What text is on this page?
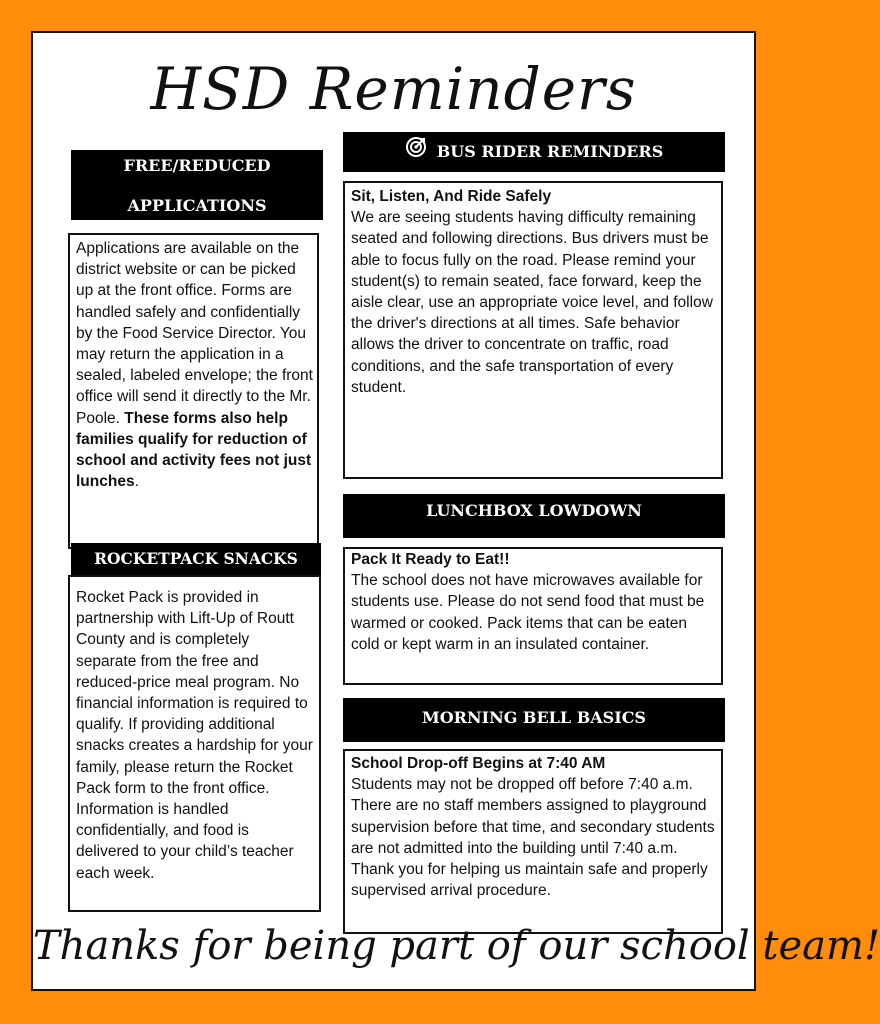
HSD Reminders
FREE/REDUCED
APPLICATIONS
Applications are available on the district website or can be picked up at the front office. Forms are handled safely and confidentially by the Food Service Director. You may return the application in a sealed, labeled envelope; the front office will send it directly to the Mr. Poole. These forms also help families qualify for reduction of school and activity fees not just lunches.
ROCKETPACK SNACKS
Rocket Pack is provided in partnership with Lift-Up of Routt County and is completely separate from the free and reduced-price meal program. No financial information is required to qualify. If providing additional snacks creates a hardship for your family, please return the Rocket Pack form to the front office. Information is handled confidentially, and food is delivered to your child’s teacher each week.
BUS RIDER REMINDERS
Sit, Listen, And Ride Safely
We are seeing students having difficulty remaining seated and following directions. Bus drivers must be able to focus fully on the road. Please remind your student(s) to remain seated, face forward, keep the aisle clear, use an appropriate voice level, and follow the driver's directions at all times. Safe behavior allows the driver to concentrate on traffic, road conditions, and the safe transportation of every student.
LUNCHBOX LOWDOWN
Pack It Ready to Eat!!
The school does not have microwaves available for students use. Please do not send food that must be warmed or cooked. Pack items that can be eaten cold or kept warm in an insulated container.
MORNING BELL BASICS
School Drop-off Begins at 7:40 AM
Students may not be dropped off before 7:40 a.m. There are no staff members assigned to playground supervision before that time, and secondary students are not admitted into the building until 7:40 a.m. Thank you for helping us maintain safe and properly supervised arrival procedure.
Thanks for being part of our school team!
